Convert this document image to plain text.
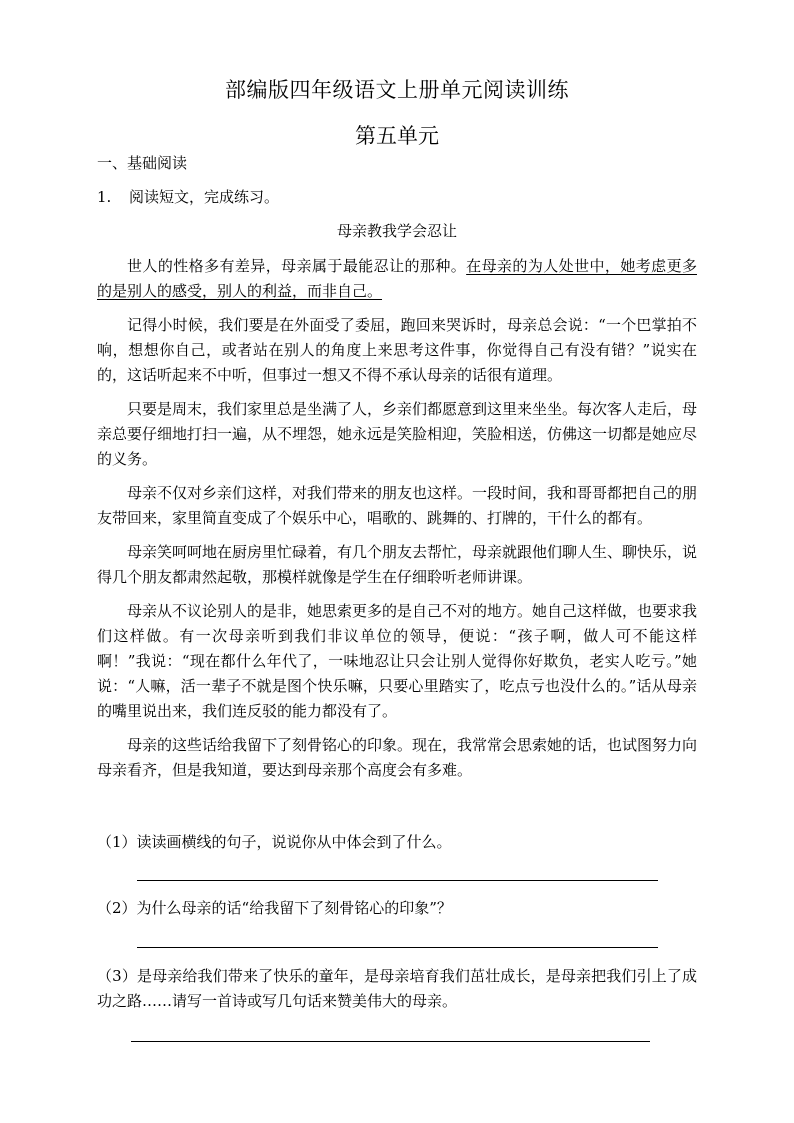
部编版四年级语文上册单元阅读训练
第五单元
一、基础阅读
1. 阅读短文，完成练习。
母亲教我学会忍让

世人的性格多有差异，母亲属于最能忍让的那种。在母亲的为人处世中，她考虑更多的是别人的感受，别人的利益，而非自己。

记得小时候，我们要是在外面受了委屈，跑回来哭诉时，母亲总会说：“一个巴掌拍不响，想想你自己，或者站在别人的角度上来思考这件事，你觉得自己有没有错？”说实在的，这话听起来不中听，但事过一想又不得不承认母亲的话很有道理。

只要是周末，我们家里总是坐满了人，乡亲们都愿意到这里来坐坐。每次客人走后，母亲总要仔细地打扫一遍，从不埋怨，她永远是笑脸相迎，笑脸相送，仿佛这一切都是她应尽的义务。

母亲不仅对乡亲们这样，对我们带来的朋友也这样。一段时间，我和哥哥都把自己的朋友带回来，家里简直变成了个娱乐中心，唱歌的、跳舞的、打牌的，干什么的都有。

母亲笑呵呵地在厨房里忙碌着，有几个朋友去帮忙，母亲就跟他们聊人生、聊快乐，说得几个朋友都肃然起敬，那模样就像是学生在仔细聆听老师讲课。

母亲从不议论别人的是非，她思索更多的是自己不对的地方。她自己这样做，也要求我们这样做。有一次母亲听到我们非议单位的领导，便说：“孩子啊，做人可不能这样啊！”我说：“现在都什么年代了，一味地忍让只会让别人觉得你好欺负，老实人吃亏。”她说：“人嘛，活一辈子不就是图个快乐嘛，只要心里踏实了，吃点亏也没什么的。”话从母亲的嘴里说出来，我们连反驳的能力都没有了。

母亲的这些话给我留下了刻骨铭心的印象。现在，我常常会思索她的话，也试图努力向母亲看齐，但是我知道，要达到母亲那个高度会有多难。

（1）读读画横线的句子，说说你从中体会到了什么。
（2）为什么母亲的话“给我留下了刻骨铭心的印象”？
（3）是母亲给我们带来了快乐的童年，是母亲培育我们茁壮成长，是母亲把我们引上了成功之路……请写一首诗或写几句话来赞美伟大的母亲。
